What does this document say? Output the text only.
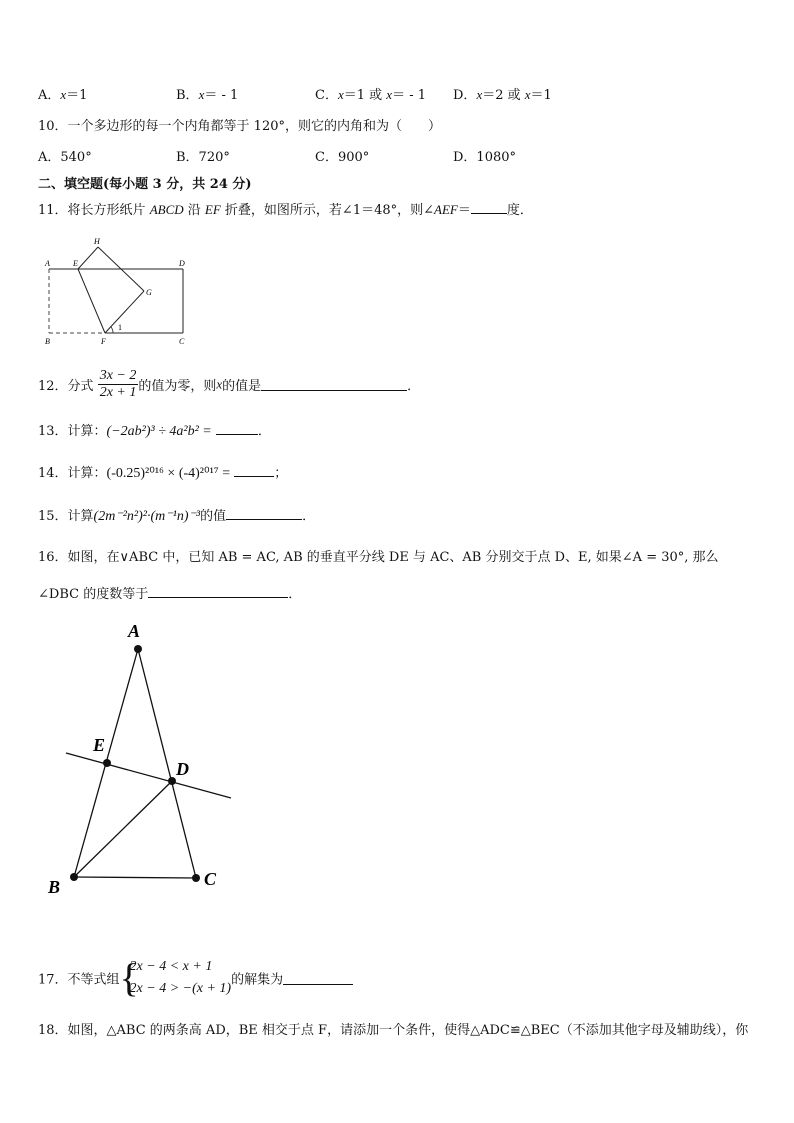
A．x＝1	B．x＝ - 1	C．x＝1 或 x＝ - 1 D．x＝2 或 x＝1
10．一个多边形的每一个内角都等于 120°，则它的内角和为（　　）
A．540°	B．720°	C．900°	D．1080°
二、填空题(每小题 3 分，共 24 分)
11．将长方形纸片 ABCD 沿 EF 折叠，如图所示，若∠1＝48°，则∠AEF＝	度．
A
B	C
D
E
F
G
H
1
12．分式 $\frac{3x - 2}{2x + 1}$ 的值为零，则x的值是	．
13．计算：(−2ab²)³ ÷ 4a²b² =	．
14．计算：(-0.25)²⁰¹⁶ × (-4)²⁰¹⁷ =	；
15．计算(2m⁻²n²)²·(m⁻¹n)⁻³的值	．
16．如图，在∨ABC 中，已知 AB = AC, AB 的垂直平分线 DE 与 AC、AB 分别交于点 D、E, 如果∠A = 30°, 那么
∠DBC 的度数等于	．
A
E
D
B	C
17．不等式组 {
2x − 4 < x + 1
2x − 4 > −(x + 1)
的解集为
18．如图，△ABC 的两条高 AD，BE 相交于点 F，请添加一个条件，使得△ADC≌△BEC（不添加其他字母及辅助线），你
